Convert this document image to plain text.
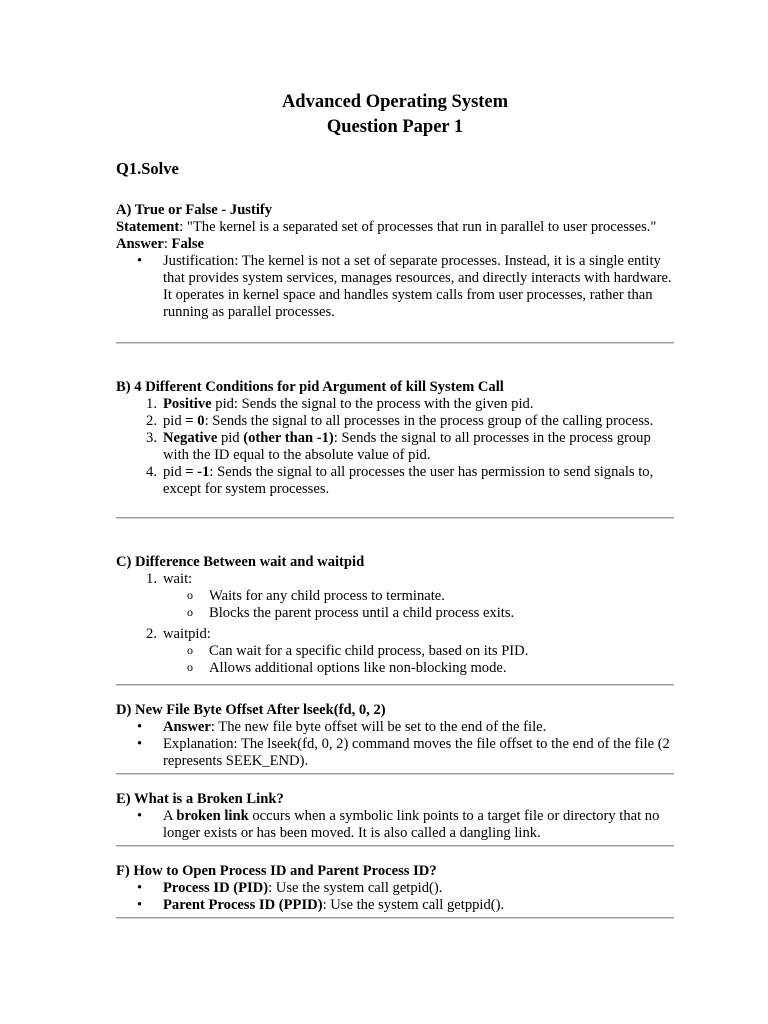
Advanced Operating System
Question Paper 1
Q1.Solve
A) True or False - Justify

Statement: "The kernel is a separated set of processes that run in parallel to user processes."

Answer: False

• Justification: The kernel is not a set of separate processes. Instead, it is a single entity that provides system services, manages resources, and directly interacts with hardware. It operates in kernel space and handles system calls from user processes, rather than running as parallel processes.
B) 4 Different Conditions for pid Argument of kill System Call
1. Positive pid: Sends the signal to the process with the given pid.
2. pid = 0: Sends the signal to all processes in the process group of the calling process.
3. Negative pid (other than -1): Sends the signal to all processes in the process group with the ID equal to the absolute value of pid.
4. pid = -1: Sends the signal to all processes the user has permission to send signals to, except for system processes.
C) Difference Between wait and waitpid
1. wait:
o Waits for any child process to terminate.
o Blocks the parent process until a child process exits.
2. waitpid:
o Can wait for a specific child process, based on its PID.
o Allows additional options like non-blocking mode.
D) New File Byte Offset After lseek(fd, 0, 2)
• Answer: The new file byte offset will be set to the end of the file.
• Explanation: The lseek(fd, 0, 2) command moves the file offset to the end of the file (2 represents SEEK_END).
E) What is a Broken Link?
• A broken link occurs when a symbolic link points to a target file or directory that no longer exists or has been moved. It is also called a dangling link.
F) How to Open Process ID and Parent Process ID?
• Process ID (PID): Use the system call getpid().
• Parent Process ID (PPID): Use the system call getppid().
